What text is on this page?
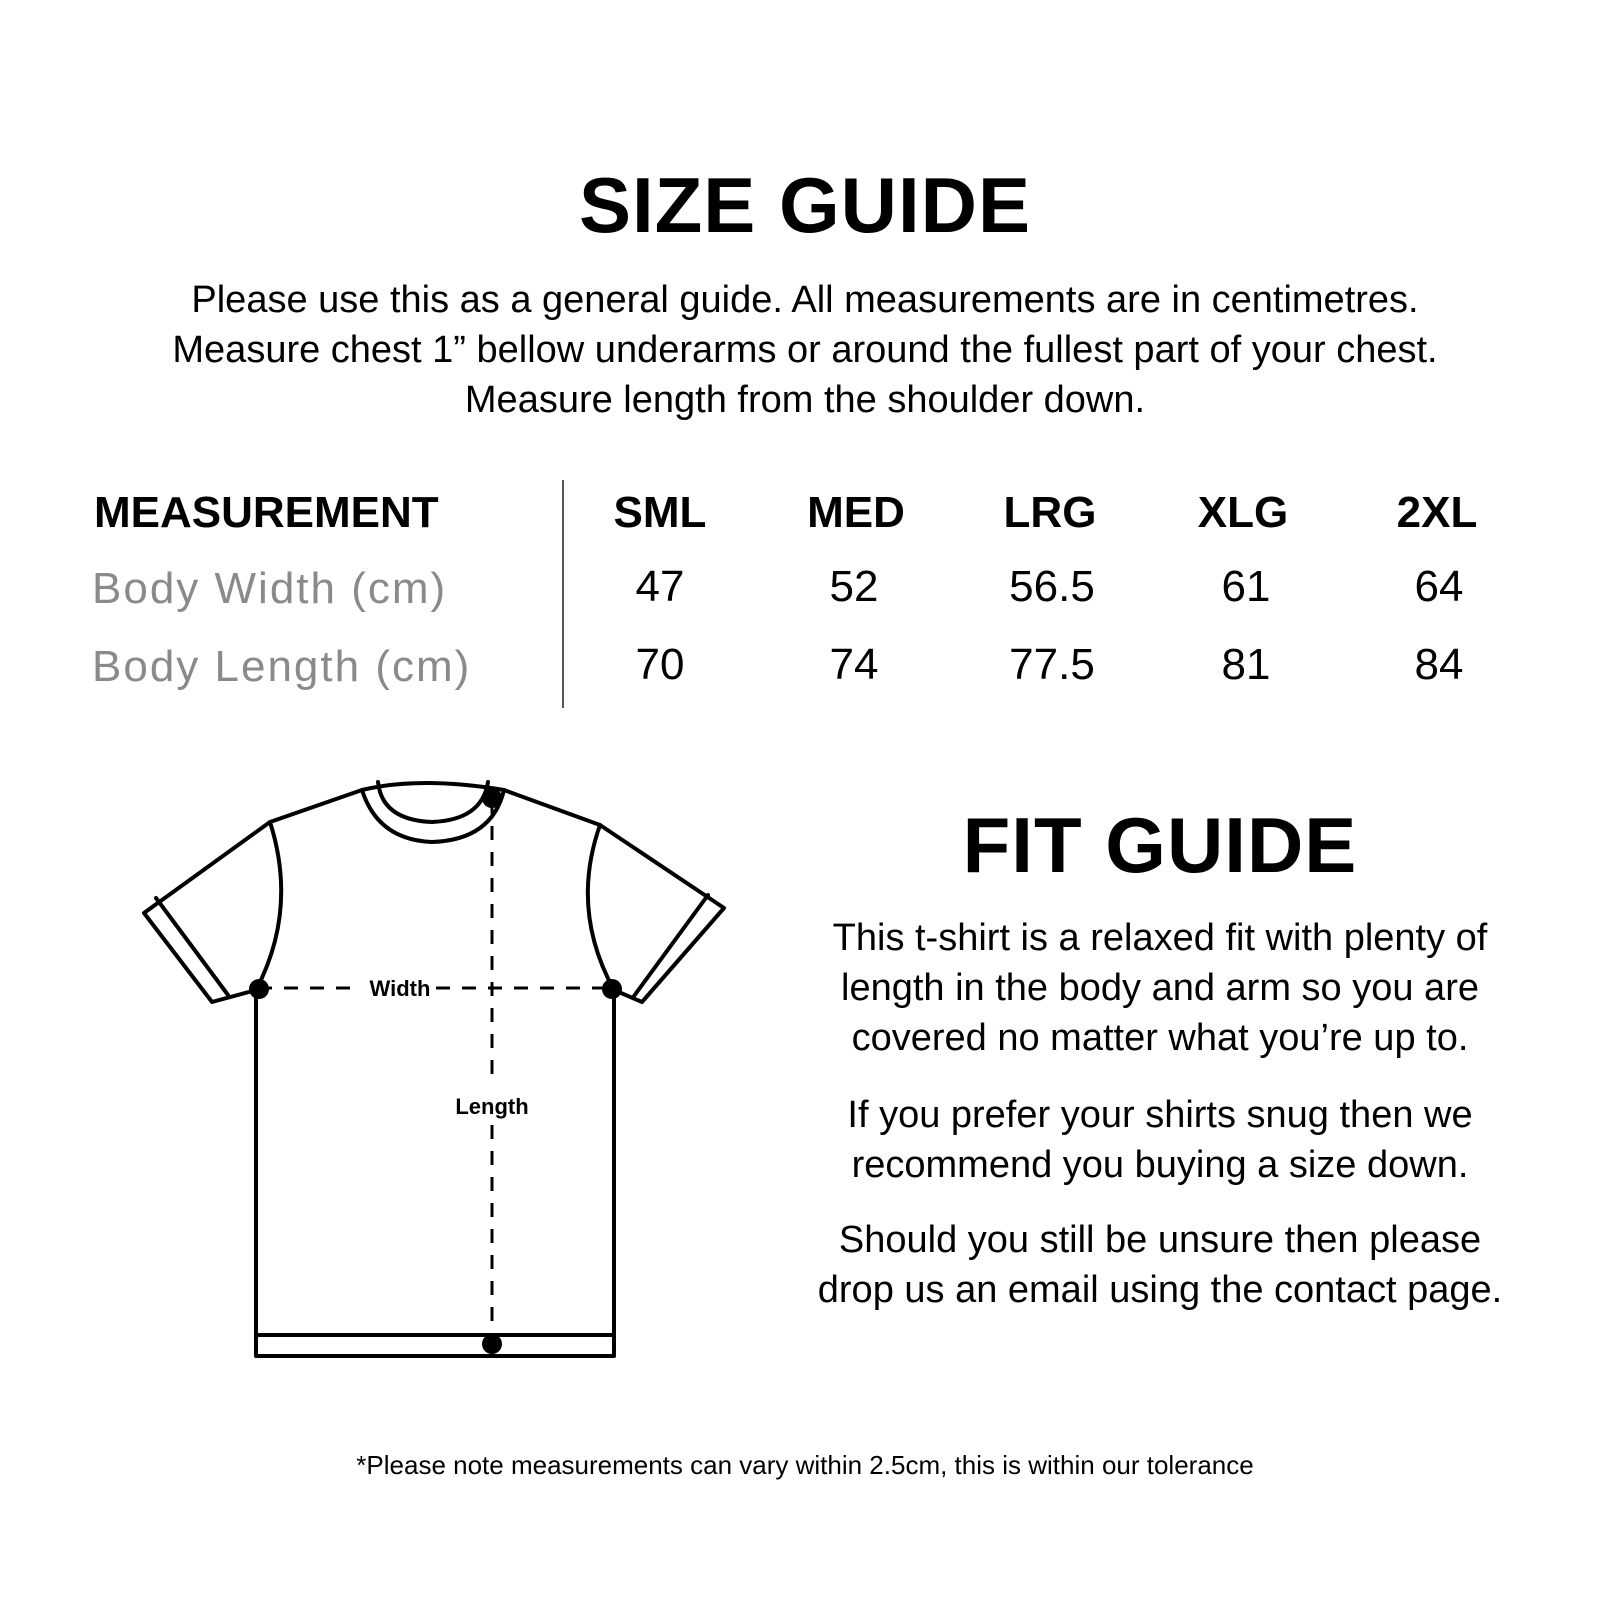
SIZE GUIDE
Please use this as a general guide. All measurements are in centimetres.
Measure chest 1” bellow underarms or around the fullest part of your chest.
Measure length from the shoulder down.
MEASUREMENT	SML	MED	LRG	XLG	2XL
Body Width (cm)	47	52	56.5	61	64
Body Length (cm)	70	74	77.5	81	84
Width
Length
FIT GUIDE
This t-shirt is a relaxed fit with plenty of
length in the body and arm so you are
covered no matter what you’re up to.
If you prefer your shirts snug then we
recommend you buying a size down.
Should you still be unsure then please
drop us an email using the contact page.
*Please note measurements can vary within 2.5cm, this is within our tolerance
